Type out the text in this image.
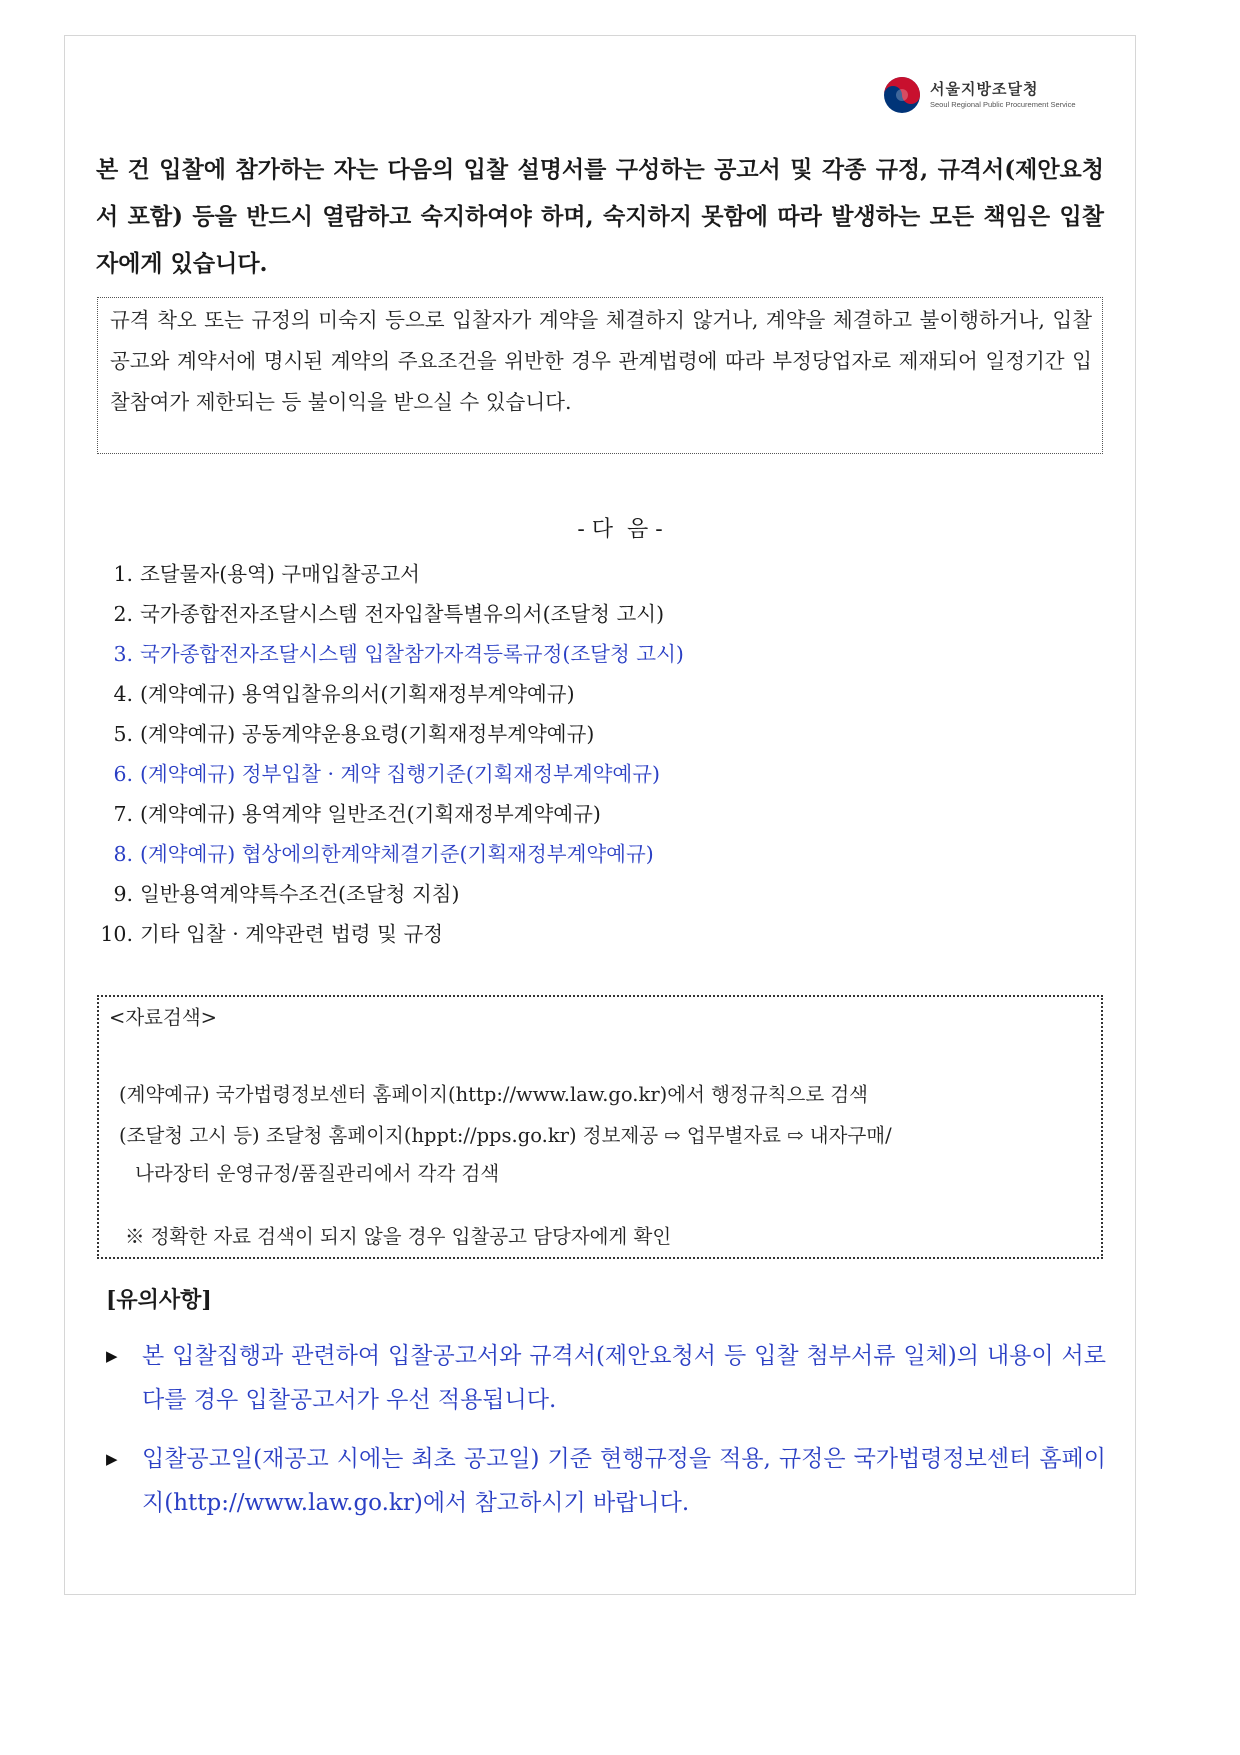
서울지방조달청
Seoul Regional Public Procurement Service
본 건 입찰에 참가하는 자는 다음의 입찰 설명서를 구성하는 공고서 및 각종 규정, 규격서(제안요청서 포함) 등을 반드시 열람하고 숙지하여야 하며, 숙지하지 못함에 따라 발생하는 모든 책임은 입찰자에게 있습니다.
규격 착오 또는 규정의 미숙지 등으로 입찰자가 계약을 체결하지 않거나, 계약을 체결하고 불이행하거나, 입찰공고와 계약서에 명시된 계약의 주요조건을 위반한 경우 관계법령에 따라 부정당업자로 제재되어 일정기간 입찰참여가 제한되는 등 불이익을 받으실 수 있습니다.
- 다  음 -
1. 조달물자(용역) 구매입찰공고서
2. 국가종합전자조달시스템 전자입찰특별유의서(조달청 고시)
3. 국가종합전자조달시스템 입찰참가자격등록규정(조달청 고시)
4. (계약예규) 용역입찰유의서(기획재정부계약예규)
5. (계약예규) 공동계약운용요령(기획재정부계약예규)
6. (계약예규) 정부입찰 · 계약 집행기준(기획재정부계약예규)
7. (계약예규) 용역계약 일반조건(기획재정부계약예규)
8. (계약예규) 협상에의한계약체결기준(기획재정부계약예규)
9. 일반용역계약특수조건(조달청 지침)
10. 기타 입찰 · 계약관련 법령 및 규정
<자료검색>
(계약예규) 국가법령정보센터 홈페이지(http://www.law.go.kr)에서 행정규칙으로 검색
(조달청 고시 등) 조달청 홈페이지(hppt://pps.go.kr) 정보제공 ⇨ 업무별자료 ⇨ 내자구매/
나라장터 운영규정/품질관리에서 각각 검색
※ 정확한 자료 검색이 되지 않을 경우 입찰공고 담당자에게 확인
[유의사항]
▶ 본 입찰집행과 관련하여 입찰공고서와 규격서(제안요청서 등 입찰 첨부서류 일체)의 내용이 서로 다를 경우 입찰공고서가 우선 적용됩니다.
▶ 입찰공고일(재공고 시에는 최초 공고일) 기준 현행규정을 적용, 규정은 국가법령정보센터 홈페이지(http://www.law.go.kr)에서 참고하시기 바랍니다.
